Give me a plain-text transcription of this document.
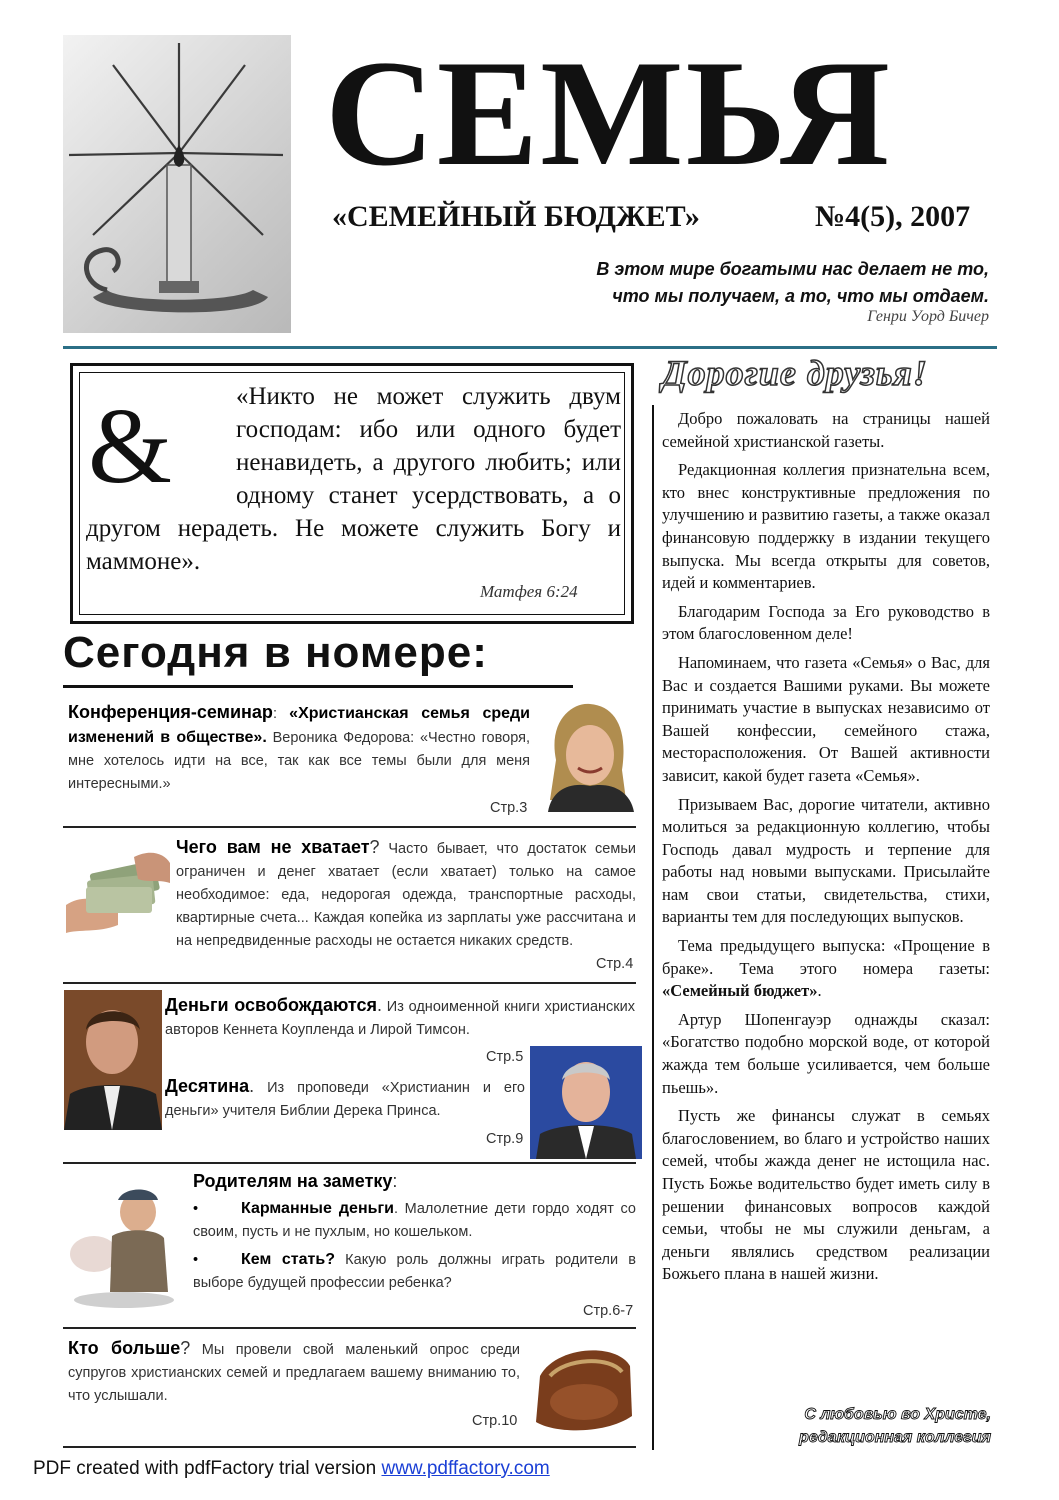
СЕМЬЯ
«СЕМЕЙНЫЙ БЮДЖЕТ»	№4(5), 2007
В этом мире богатыми нас делает не то,
что мы получаем, а то, что мы отдаем.
Генри Уорд Бичер
&	«Никто не может служить двум господам: ибо или одного будет ненавидеть, а другого любить; или одному станет усердствовать, а о другом нерадеть. Не можете служить Богу и маммоне».
Матфея 6:24
Сегодня в номере:
Конференция-семинар: «Христианская семья среди изменений в обществе». Вероника Федорова: «Честно говоря, мне хотелось идти на все, так как все темы были для меня интересными.»
Стр.3
Чего вам не хватает? Часто бывает, что достаток семьи ограничен и денег хватает (если хватает) только на самое необходимое: еда, недорогая одежда, транспортные расходы, квартирные счета... Каждая копейка из зарплаты уже рассчитана и на непредвиденные расходы не остается никаких средств.
Стр.4
Деньги освобождаются. Из одноименной книги христианских авторов Кеннета Коупленда и Лирой Тимсон.
Стр.5
Десятина. Из проповеди «Христианин и его деньги» учителя Библии Дерека Принса.
Стр.9
Родителям на заметку:
•	Карманные деньги. Малолетние дети гордо ходят со своим, пусть и не пухлым, но кошельком.
•	Кем стать? Какую роль должны играть родители в выборе будущей профессии ребенка?
Стр.6-7
Кто больше? Мы провели свой маленький опрос среди супругов христианских семей и предлагаем вашему вниманию то, что услышали.
Стр.10
Дорогие друзья!

Добро пожаловать на страницы нашей семейной христианской газеты.

Редакционная коллегия признательна всем, кто внес конструктивные предложения по улучшению и развитию газеты, а также оказал финансовую поддержку в издании текущего выпуска. Мы всегда открыты для советов, идей и комментариев.

Благодарим Господа за Его руководство в этом благословенном деле!

Напоминаем, что газета «Семья» о Вас, для Вас и создается Вашими руками. Вы можете принимать участие в выпусках независимо от Вашей конфессии, семейного стажа, месторасположения. От Вашей активности зависит, какой будет газета «Семья».

Призываем Вас, дорогие читатели, активно молиться за редакционную коллегию, чтобы Господь давал мудрость и терпение для работы над новыми выпусками. Присылайте нам свои статьи, свидетельства, стихи, варианты тем для последующих выпусков.

Тема предыдущего выпуска: «Прощение в браке». Тема этого номера газеты: «Семейный бюджет».

Артур Шопенгауэр однажды сказал: «Богатство подобно морской воде, от которой жажда тем больше усиливается, чем больше пьешь».

Пусть же финансы служат в семьях благословением, во благо и устройство наших семей, чтобы жажда денег не истощила нас. Пусть Божье водительство будет иметь силу в решении финансовых вопросов каждой семьи, чтобы не мы служили деньгам, а деньги являлись средством реализации Божьего плана в нашей жизни.

С любовью во Христе,
редакционная коллегия
PDF created with pdfFactory trial version www.pdffactory.com
